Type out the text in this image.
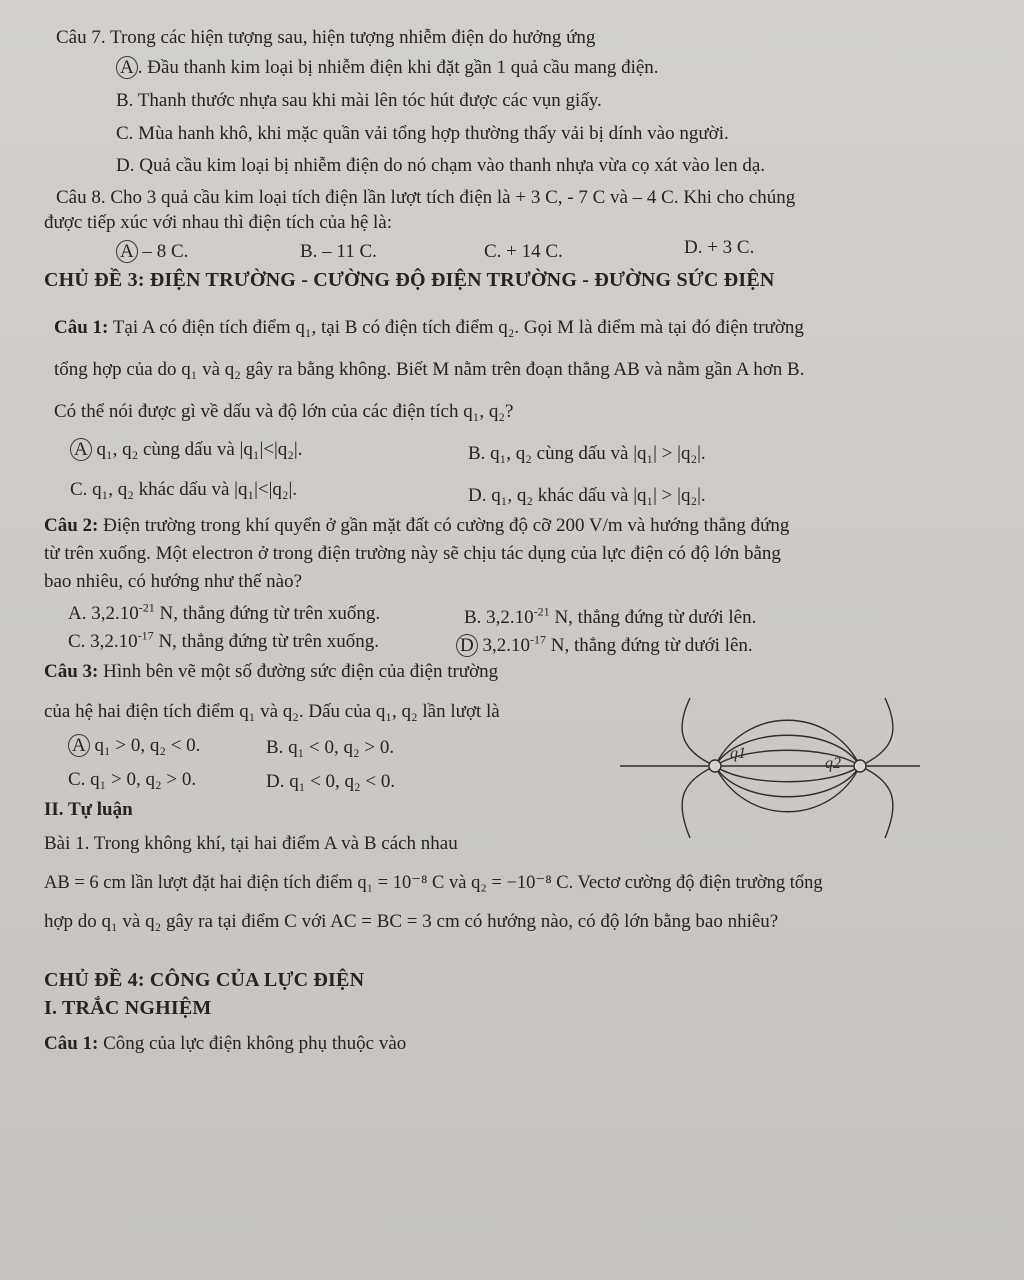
Câu 7. Trong các hiện tượng sau, hiện tượng nhiễm điện do hưởng ứng
A . Đầu thanh kim loại bị nhiễm điện khi đặt gần 1 quả cầu mang điện.
B. Thanh thước nhựa sau khi mài lên tóc hút được các vụn giấy.
C. Mùa hanh khô, khi mặc quần vải tổng hợp thường thấy vải bị dính vào người.
D. Quả cầu kim loại bị nhiễm điện do nó chạm vào thanh nhựa vừa cọ xát vào len dạ.
Câu 8. Cho 3 quả cầu kim loại tích điện lần lượt tích điện là + 3 C, - 7 C và – 4 C. Khi cho chúng
được tiếp xúc với nhau thì điện tích của hệ là:
A – 8 C.	B. – 11 C.	C. + 14 C.	D. + 3 C.
CHỦ ĐỀ 3: ĐIỆN TRƯỜNG - CƯỜNG ĐỘ ĐIỆN TRƯỜNG - ĐƯỜNG SỨC ĐIỆN
Câu 1: Tại A có điện tích điểm q₁, tại B có điện tích điểm q₂. Gọi M là điểm mà tại đó điện trường
tổng hợp của do q₁ và q₂ gây ra bằng không. Biết M nằm trên đoạn thẳng AB và nằm gần A hơn B.
Có thể nói được gì về dấu và độ lớn của các điện tích q₁, q₂?
A q₁, q₂ cùng dấu và |q₁|<|q₂|.	B. q₁, q₂ cùng dấu và |q₁| > |q₂|.
C. q₁, q₂ khác dấu và |q₁|<|q₂|.	D. q₁, q₂ khác dấu và |q₁| > |q₂|.
Câu 2: Điện trường trong khí quyển ở gần mặt đất có cường độ cỡ 200 V/m và hướng thẳng đứng
từ trên xuống. Một electron ở trong điện trường này sẽ chịu tác dụng của lực điện có độ lớn bằng
bao nhiêu, có hướng như thế nào?
A. $3,2.10^{-21}$ N, thẳng đứng từ trên xuống.	B. $3,2.10^{-21}$ N, thẳng đứng từ dưới lên.
C. $3,2.10^{-17}$ N, thẳng đứng từ trên xuống.	D $3,2.10^{-17}$ N, thẳng đứng từ dưới lên.
Câu 3: Hình bên vẽ một số đường sức điện của điện trường
của hệ hai điện tích điểm q₁ và q₂. Dấu của q₁, q₂ lần lượt là
A q₁ > 0, q₂ < 0.	B. q₁ < 0, q₂ > 0.
C. q₁ > 0, q₂ > 0.	D. q₁ < 0, q₂ < 0.
II. Tự luận
Bài 1. Trong không khí, tại hai điểm A và B cách nhau
AB = 6 cm lần lượt đặt hai điện tích điểm q₁ = 10⁻⁸ C và q₂ = −10⁻⁸ C. Vectơ cường độ điện trường tổng
hợp do q₁ và q₂ gây ra tại điểm C với AC = BC = 3 cm có hướng nào, có độ lớn bằng bao nhiêu?
CHỦ ĐỀ 4: CÔNG CỦA LỰC ĐIỆN
I. TRẮC NGHIỆM
Câu 1: Công của lực điện không phụ thuộc vào
q1
q2
